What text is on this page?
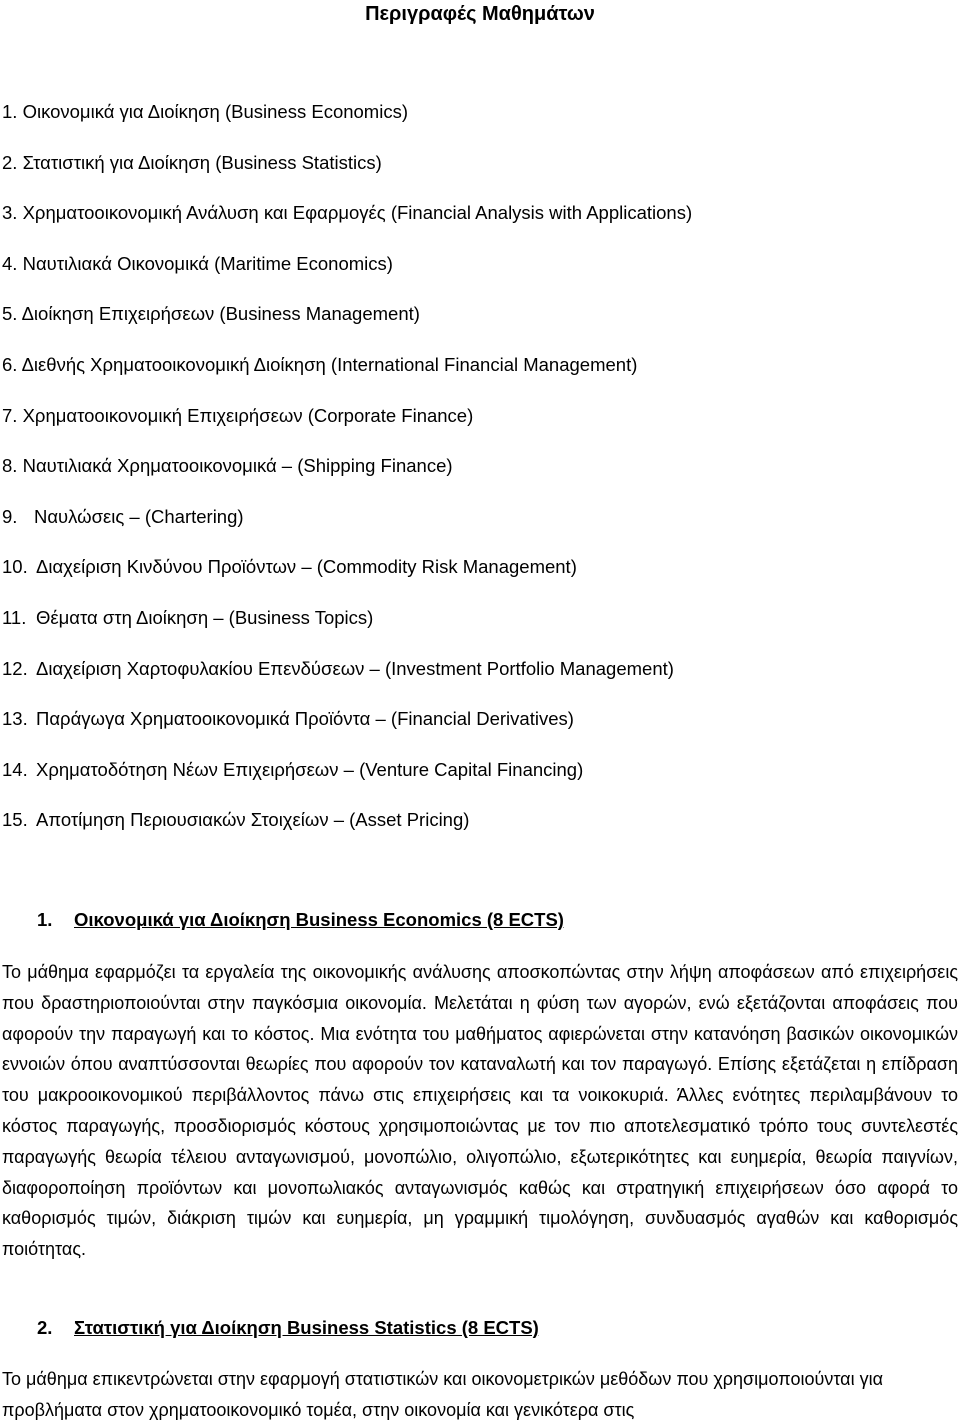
Περιγραφές Μαθημάτων
1. Οικονομικά για Διοίκηση (Business Economics)
2. Στατιστική για Διοίκηση (Business Statistics)
3. Χρηματοοικονομική Ανάλυση και Εφαρμογές (Financial Analysis with Applications)
4. Ναυτιλιακά Οικονομικά (Maritime Economics)
5. Διοίκηση Επιχειρήσεων (Business Management)
6. Διεθνής Χρηματοοικονομική Διοίκηση (International Financial Management)
7. Χρηματοοικονομική Επιχειρήσεων (Corporate Finance)
8. Ναυτιλιακά Χρηματοοικονομικά – (Shipping Finance)
9. Ναυλώσεις – (Chartering)
10. Διαχείριση Κινδύνου Προϊόντων – (Commodity Risk Management)
11. Θέματα στη Διοίκηση – (Business Topics)
12. Διαχείριση Χαρτοφυλακίου Επενδύσεων – (Investment Portfolio Management)
13. Παράγωγα Χρηματοοικονομικά Προϊόντα – (Financial Derivatives)
14. Χρηματοδότηση Νέων Επιχειρήσεων – (Venture Capital Financing)
15. Αποτίμηση Περιουσιακών Στοιχείων – (Asset Pricing)
1. Οικονομικά για Διοίκηση Business Economics (8 ECTS)

Το μάθημα εφαρμόζει τα εργαλεία της οικονομικής ανάλυσης αποσκοπώντας στην λήψη αποφάσεων από επιχειρήσεις που δραστηριοποιούνται στην παγκόσμια οικονομία. Μελετάται η φύση των αγορών, ενώ εξετάζονται αποφάσεις που αφορούν την παραγωγή και το κόστος. Μια ενότητα του μαθήματος αφιερώνεται στην κατανόηση βασικών οικονομικών εννοιών όπου αναπτύσσονται θεωρίες που αφορούν τον καταναλωτή και τον παραγωγό. Επίσης εξετάζεται η επίδραση του μακροοικονομικού περιβάλλοντος πάνω στις επιχειρήσεις και τα νοικοκυριά. Άλλες ενότητες περιλαμβάνουν το κόστος παραγωγής, προσδιορισμός κόστους χρησιμοποιώντας με τον πιο αποτελεσματικό τρόπο τους συντελεστές παραγωγής θεωρία τέλειου ανταγωνισμού, μονοπώλιο, ολιγοπώλιο, εξωτερικότητες και ευημερία, θεωρία παιγνίων, διαφοροποίηση προϊόντων και μονοπωλιακός ανταγωνισμός καθώς και στρατηγική επιχειρήσεων όσο αφορά το καθορισμός τιμών, διάκριση τιμών και ευημερία, μη γραμμική τιμολόγηση, συνδυασμός αγαθών και καθορισμός ποιότητας.

2. Στατιστική για Διοίκηση Business Statistics (8 ECTS)

Το μάθημα επικεντρώνεται στην εφαρμογή στατιστικών και οικονομετρικών μεθόδων που χρησιμοποιούνται για προβλήματα στον χρηματοοικονομικό τομέα, στην οικονομία και γενικότερα στις
